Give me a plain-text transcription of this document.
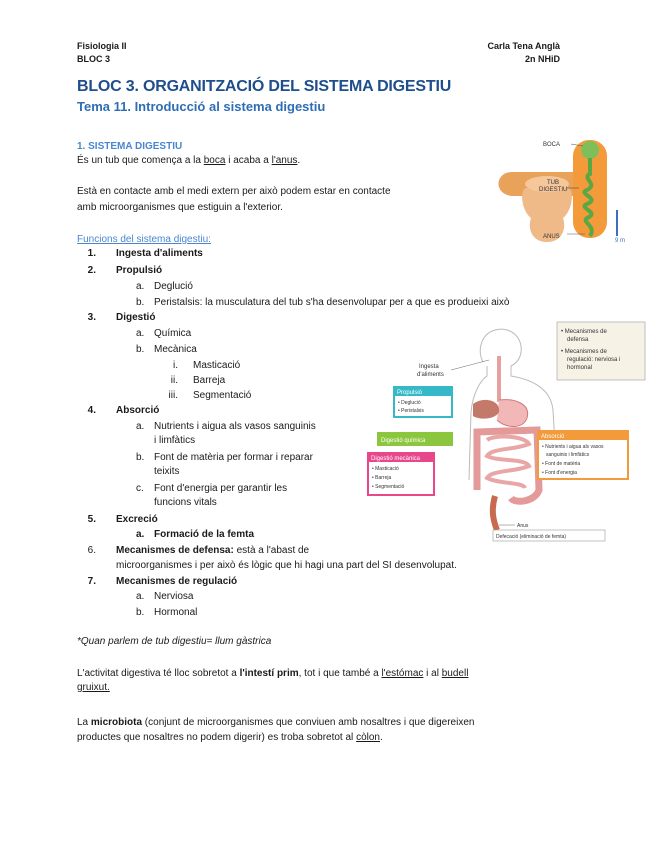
Fisiologia II
BLOC 3
Carla Tena Anglà
2n NHiD
BLOC 3. ORGANITZACIÓ DEL SISTEMA DIGESTIU
Tema 11. Introducció al sistema digestiu
1. SISTEMA DIGESTIU
És un tub que comença a la boca i acaba a l'anus.
Està en contacte amb el medi extern per això podem estar en contacte
amb microorganismes que estiguin a l'exterior.
Funcions del sistema digestiu:
1. Ingesta d'aliments
2. Propulsió
a. Deglució
b. Peristalsis: la musculatura del tub s'ha desenvolupar per a que es produeixi això
3. Digestió
a. Química
b. Mecànica
i. Masticació
ii. Barreja
iii. Segmentació
4. Absorció
a. Nutrients i aigua als vasos sanguinis
i limfàtics
b. Font de matèria per formar i reparar
teixits
c. Font d'energia per garantir les
funcions vitals
5. Excreció
a. Formació de la femta
6. Mecanismes de defensa: està a l'abast de
microorganismes i per això és lògic que hi hagi una part del SI desenvolupat.
7. Mecanismes de regulació
a. Nerviosa
b. Hormonal
*Quan parlem de tub digestiu= llum gàstrica
L'activitat digestiva té lloc sobretot a l'intestí prim, tot i que també a l'estómac i al budell
gruixut.
La microbiota (conjunt de microorganismes que conviuen amb nosaltres i que digereixen
productes que nosaltres no podem digerir) es troba sobretot al còlon.
BOCA
TUB
DIGESTIU
ANUS
9 m
Ingesta
d'aliments
Propulsió
• Deglució
• Peristalsis
Digestió química
Digestió mecànica
• Masticació
• Barreja
• Segmentació
• Mecanismes de
defensa
• Mecanismes de
regulació: nerviosa i
hormonal
Absorció
• Nutrients i aigua als vasos
sanguinis i limfàtics
• Font de matèria
• Font d'energia
Anus
Defecació (eliminació de femta)
